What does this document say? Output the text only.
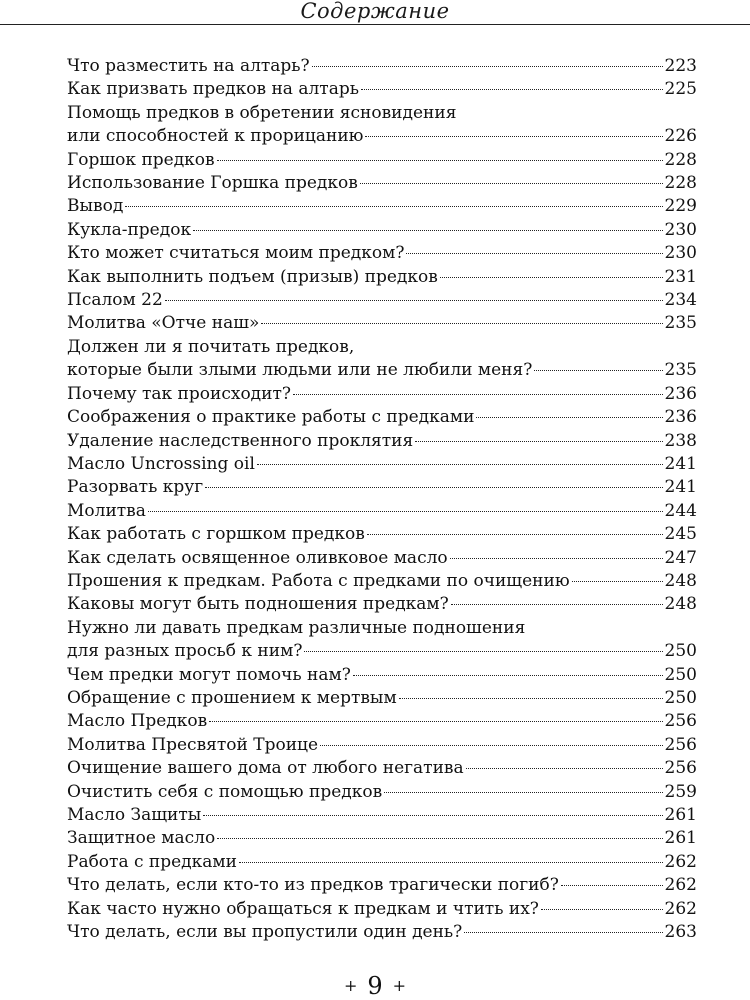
Содержание
Что разместить на алтарь?	223
Как призвать предков на алтарь	225
Помощь предков в обретении ясновидения
или способностей к прорицанию	226
Горшок предков	228
Использование Горшка предков	228
Вывод	229
Кукла-предок	230
Кто может считаться моим предком?	230
Как выполнить подъем (призыв) предков	231
Псалом 22	234
Молитва «Отче наш»	235
Должен ли я почитать предков,
которые были злыми людьми или не любили меня?	235
Почему так происходит?	236
Соображения о практике работы с предками	236
Удаление наследственного проклятия	238
Масло Uncrossing oil	241
Разорвать круг	241
Молитва	244
Как работать с горшком предков	245
Как сделать освященное оливковое масло	247
Прошения к предкам. Работа с предками по очищению	248
Каковы могут быть подношения предкам?	248
Нужно ли давать предкам различные подношения
для разных просьб к ним?	250
Чем предки могут помочь нам?	250
Обращение с прошением к мертвым	250
Масло Предков	256
Молитва Пресвятой Троице	256
Очищение вашего дома от любого негатива	256
Очистить себя с помощью предков	259
Масло Защиты	261
Защитное масло	261
Работа с предками	262
Что делать, если кто-то из предков трагически погиб?	262
Как часто нужно обращаться к предкам и чтить их?	262
Что делать, если вы пропустили один день?	263
+ 9 +
